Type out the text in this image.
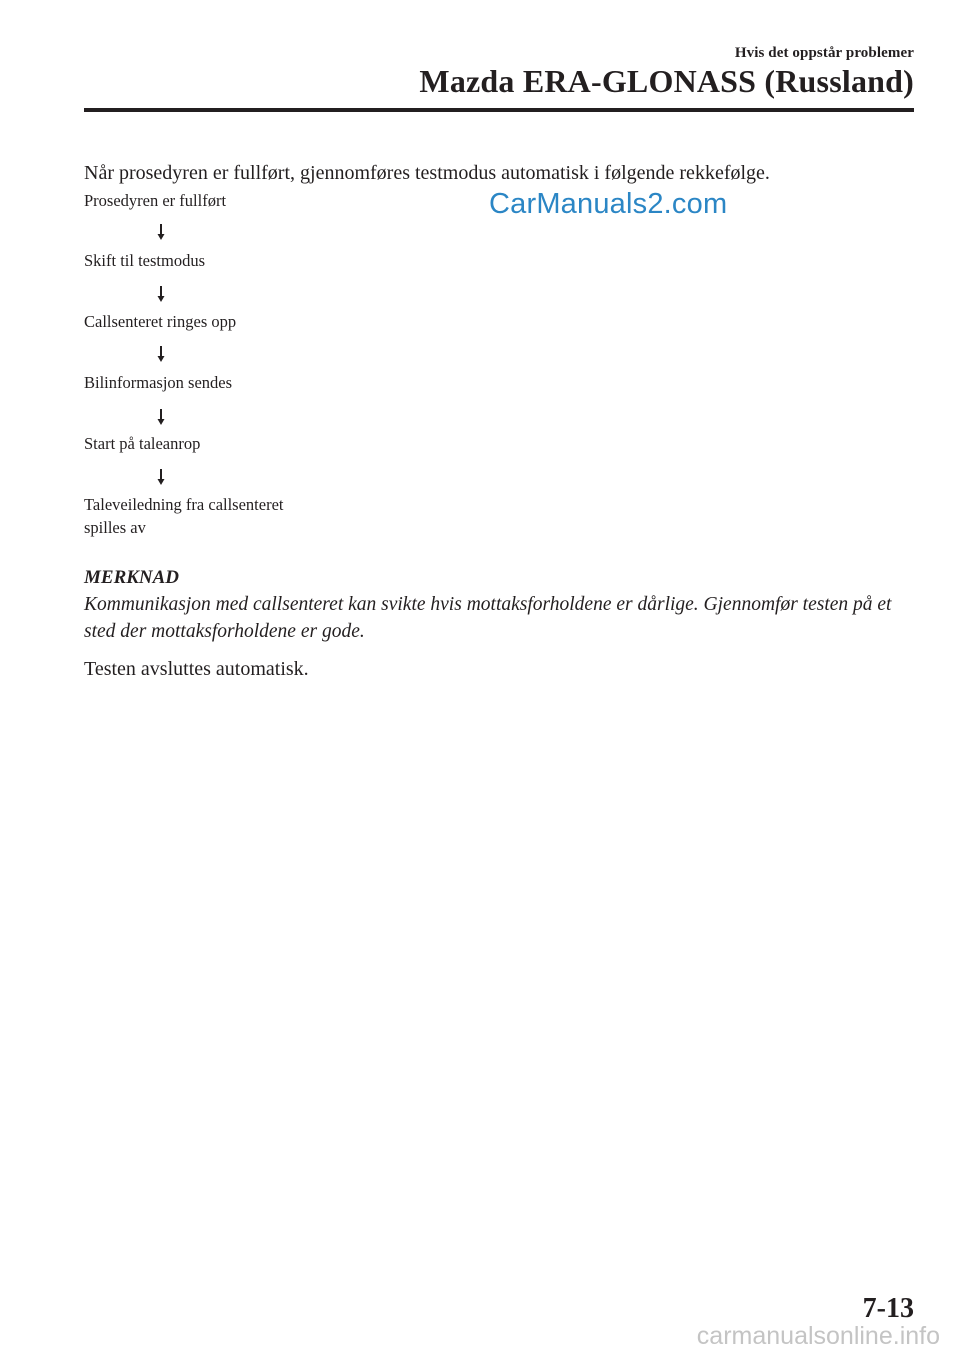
Hvis det oppstår problemer
Mazda ERA-GLONASS (Russland)
Når prosedyren er fullført, gjennomføres testmodus automatisk i følgende rekkefølge.
CarManuals2.com
Prosedyren er fullført
Skift til testmodus
Callsenteret ringes opp
Bilinformasjon sendes
Start på taleanrop
Taleveiledning fra callsenteret
spilles av
MERKNAD
Kommunikasjon med callsenteret kan svikte hvis mottaksforholdene er dårlige. Gjennomfør testen på et sted der mottaksforholdene er gode.
Testen avsluttes automatisk.
7-13
carmanualsonline.info
